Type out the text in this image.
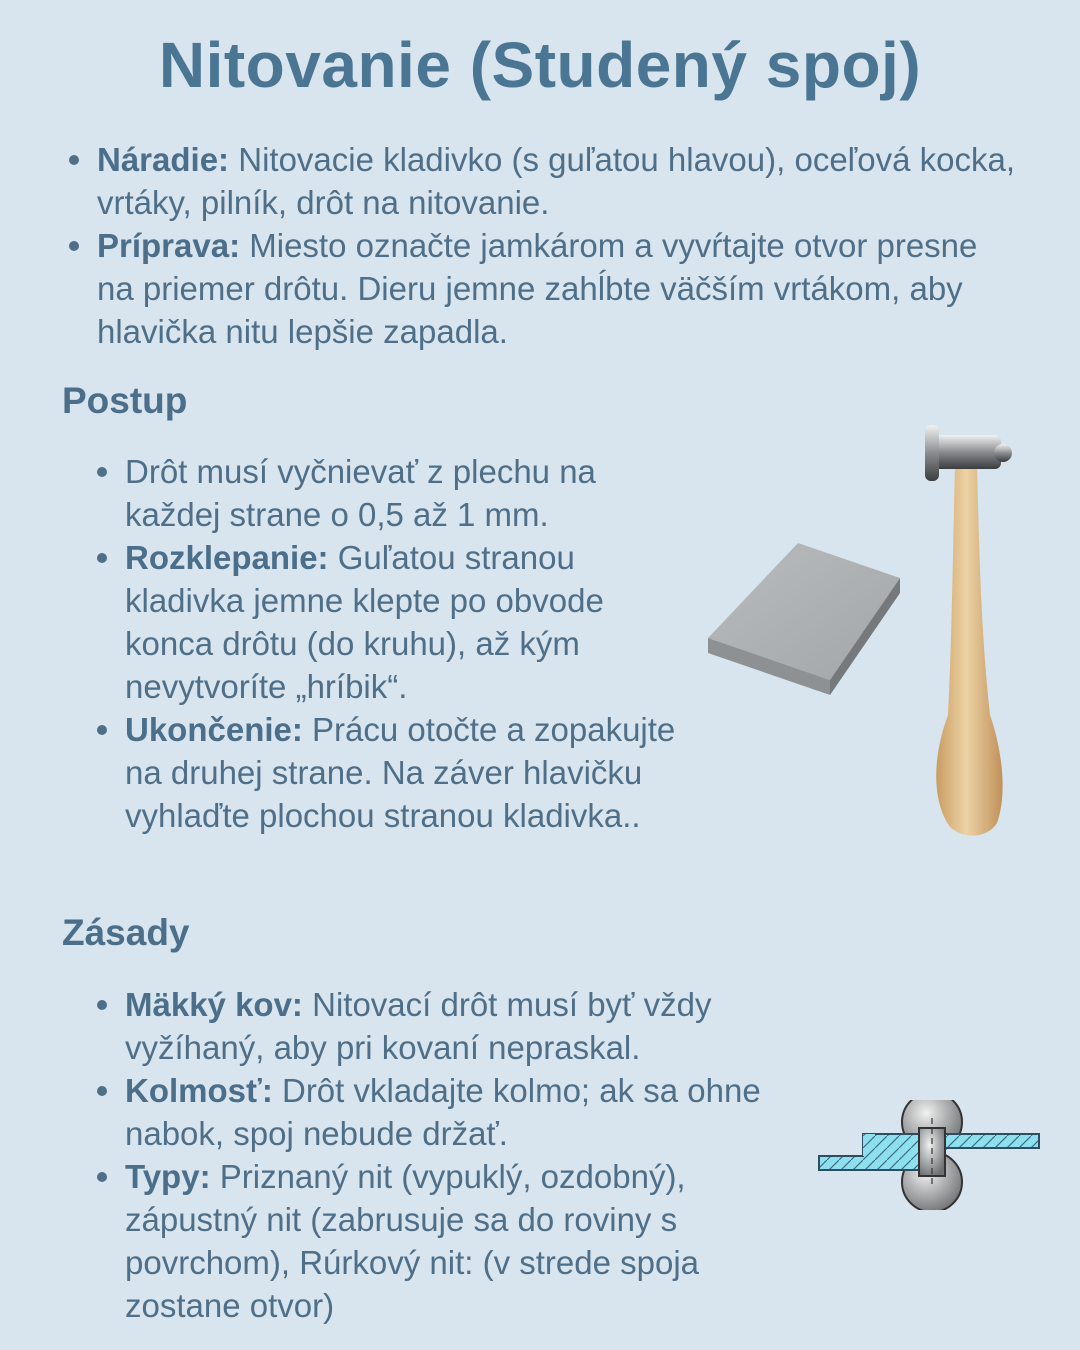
Nitovanie (Studený spoj)
Náradie: Nitovacie kladivko (s guľatou hlavou), oceľová kocka, vrtáky, pilník, drôt na nitovanie.
Príprava: Miesto označte jamkárom a vyvŕtajte otvor presne na priemer drôtu. Dieru jemne zahĺbte väčším vrtákom, aby hlavička nitu lepšie zapadla.
Postup
Drôt musí vyčnievať z plechu na každej strane o 0,5 až 1 mm.
Rozklepanie: Guľatou stranou kladivka jemne klepte po obvode konca drôtu (do kruhu), až kým nevytvoríte „hríbik“.
Ukončenie: Prácu otočte a zopakujte na druhej strane. Na záver hlavičku vyhlaďte plochou stranou kladivka..
Zásady
Mäkký kov: Nitovací drôt musí byť vždy vyžíhaný, aby pri kovaní nepraskal.
Kolmosť: Drôt vkladajte kolmo; ak sa ohne nabok, spoj nebude držať.
Typy: Priznaný nit (vypuklý, ozdobný), zápustný nit (zabrusuje sa do roviny s povrchom), Rúrkový nit: (v strede spoja zostane otvor)
